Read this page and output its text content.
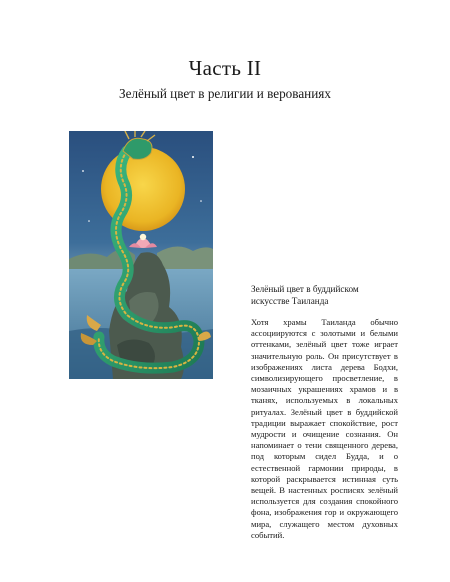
Часть II
Зелёный цвет в религии и верованиях

Зелёный цвет в буддийском искусстве Таиланда

Хотя храмы Таиланда обычно ассоциируются с золотыми и белыми оттенками, зелёный цвет тоже играет значительную роль. Он присутствует в изображениях листа дерева Бодхи, символизирующего просветление, в мозаичных украшениях храмов и в тканях, используемых в локальных ритуалах. Зелёный цвет в буддийской традиции выражает спокойствие, рост мудрости и очищение сознания. Он напоминает о тени священного дерева, под которым сидел Будда, и о естественной гармонии природы, в которой раскрывается истинная суть вещей. В настенных росписях зелёный используется для создания спокойного фона, изображения гор и окружающего мира, служащего местом духовных событий.
